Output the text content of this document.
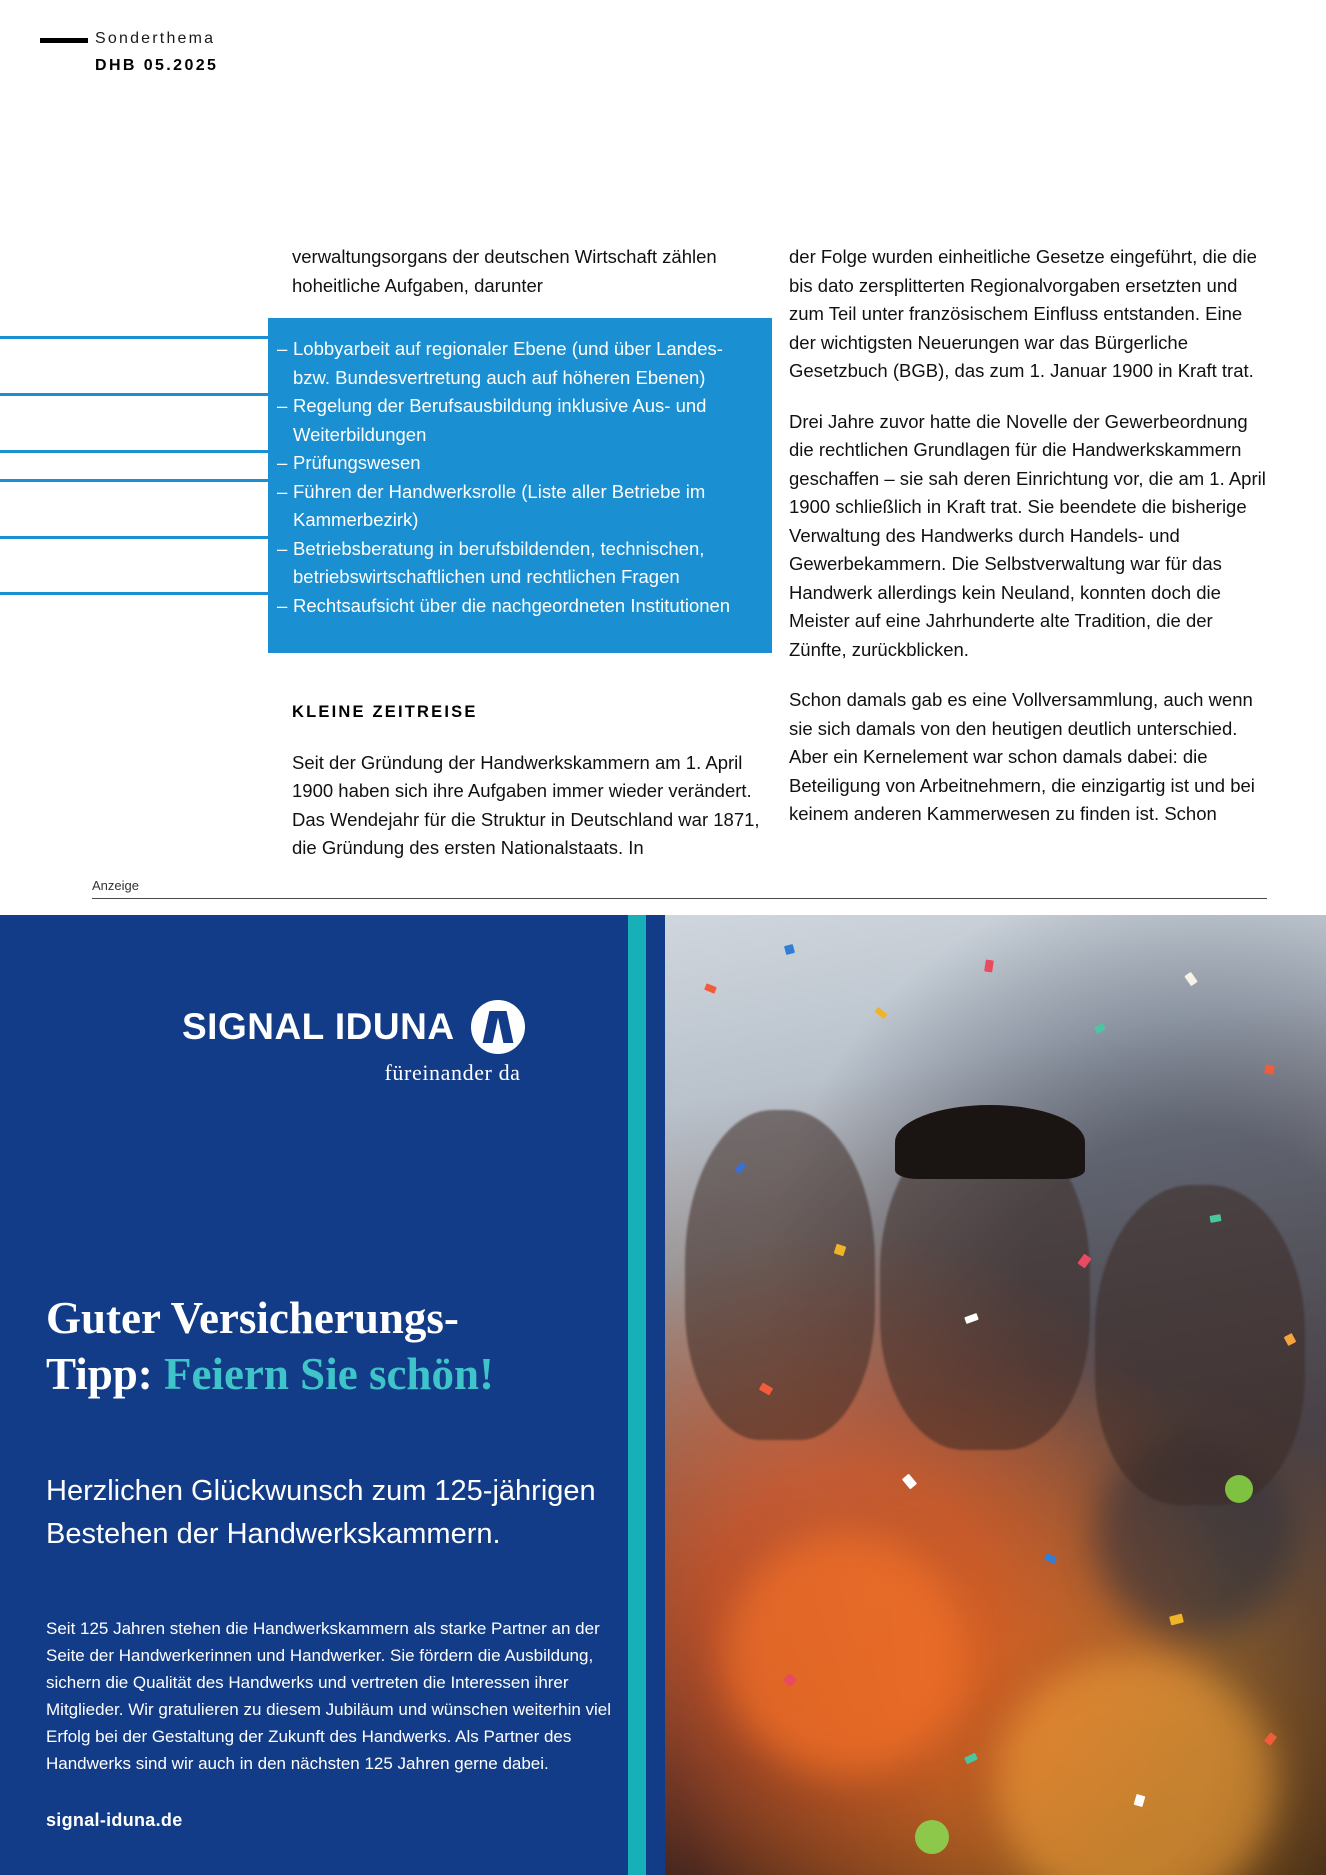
Sonderthema
DHB 05.2025

verwaltungsorgans der deutschen Wirtschaft zählen hoheitliche Aufgaben, darunter

– Lobbyarbeit auf regionaler Ebene (und über Landes- bzw. Bundesvertretung auch auf höheren Ebenen)
– Regelung der Berufsausbildung inklusive Aus- und Weiterbildungen
– Prüfungswesen
– Führen der Handwerksrolle (Liste aller Betriebe im Kammerbezirk)
– Betriebsberatung in berufsbildenden, technischen, betriebswirtschaftlichen und rechtlichen Fragen
– Rechtsaufsicht über die nachgeordneten Institutionen

KLEINE ZEITREISE

Seit der Gründung der Handwerkskammern am 1. April 1900 haben sich ihre Aufgaben immer wieder verändert. Das Wendejahr für die Struktur in Deutschland war 1871, die Gründung des ersten Nationalstaats. In

der Folge wurden einheitliche Gesetze eingeführt, die die bis dato zersplitterten Regionalvorgaben ersetzten und zum Teil unter französischem Einfluss entstanden. Eine der wichtigsten Neuerungen war das Bürgerliche Gesetzbuch (BGB), das zum 1. Januar 1900 in Kraft trat.

Drei Jahre zuvor hatte die Novelle der Gewerbeordnung die rechtlichen Grundlagen für die Handwerkskammern geschaffen – sie sah deren Einrichtung vor, die am 1. April 1900 schließlich in Kraft trat. Sie beendete die bisherige Verwaltung des Handwerks durch Handels- und Gewerbekammern. Die Selbstverwaltung war für das Handwerk allerdings kein Neuland, konnten doch die Meister auf eine Jahrhunderte alte Tradition, die der Zünfte, zurückblicken.

Schon damals gab es eine Vollversammlung, auch wenn sie sich damals von den heutigen deutlich unterschied. Aber ein Kernelement war schon damals dabei: die Beteiligung von Arbeitnehmern, die einzigartig ist und bei keinem anderen Kammerwesen zu finden ist. Schon

Anzeige
SIGNAL IDUNA
füreinander da
Guter Versicherungs-
Tipp: Feiern Sie schön!
Herzlichen Glückwunsch zum 125-jährigen Bestehen der Handwerkskammern.
Seit 125 Jahren stehen die Handwerkskammern als starke Partner an der Seite der Handwerkerinnen und Handwerker. Sie fördern die Ausbildung, sichern die Qualität des Handwerks und vertreten die Interessen ihrer Mitglieder. Wir gratulieren zu diesem Jubiläum und wünschen weiterhin viel Erfolg bei der Gestaltung der Zukunft des Handwerks. Als Partner des Handwerks sind wir auch in den nächsten 125 Jahren gerne dabei.
signal-iduna.de
